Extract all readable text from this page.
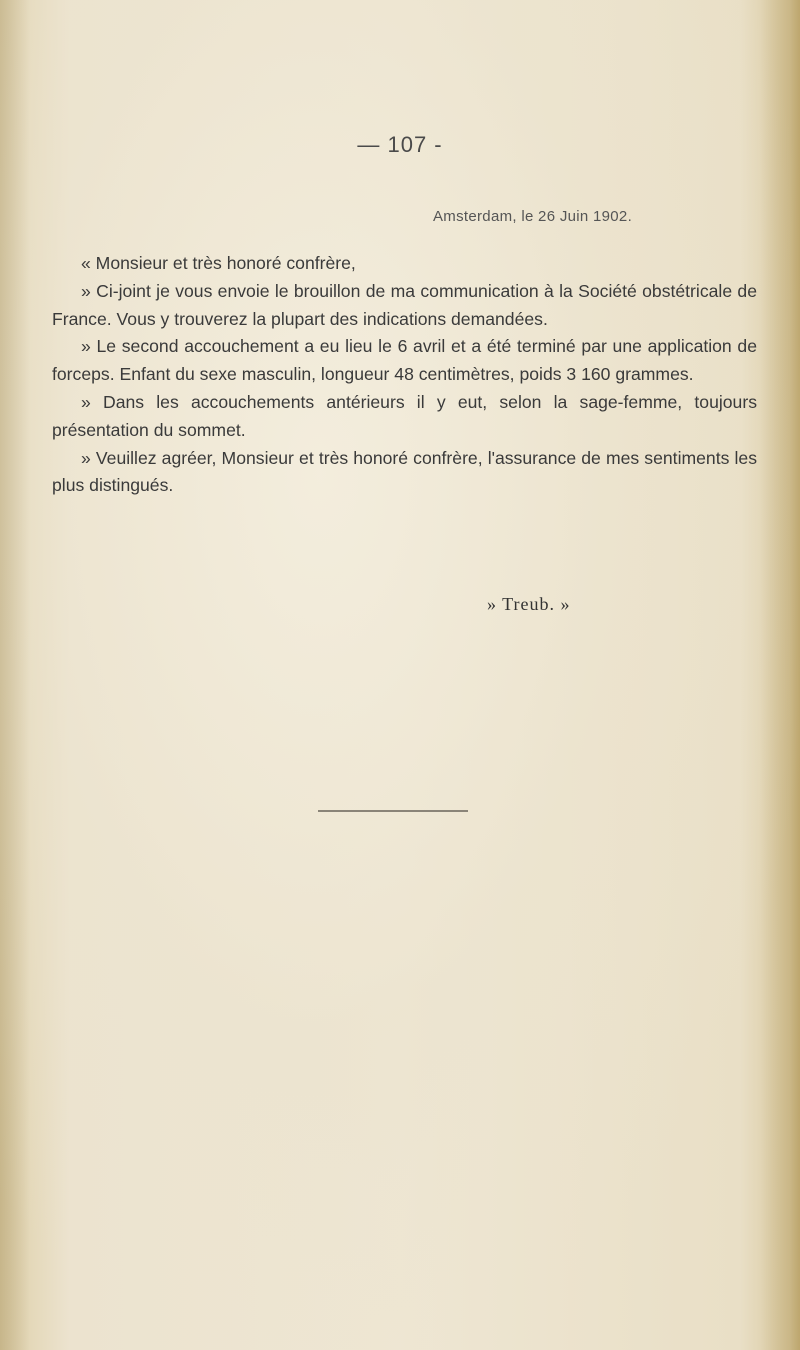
— 107 -
Amsterdam, le 26 Juin 1902.

« Monsieur et très honoré confrère,

» Ci-joint je vous envoie le brouillon de ma communication à la Société obstétricale de France. Vous y trouverez la plupart des indications demandées.

» Le second accouchement a eu lieu le 6 avril et a été terminé par une application de forceps. Enfant du sexe masculin, longueur 48 centimètres, poids 3 160 grammes.

» Dans les accouchements antérieurs il y eut, selon la sage-femme, toujours présentation du sommet.

» Veuillez agréer, Monsieur et très honoré confrère, l'assurance de mes sentiments les plus distingués.

» Treub. »
